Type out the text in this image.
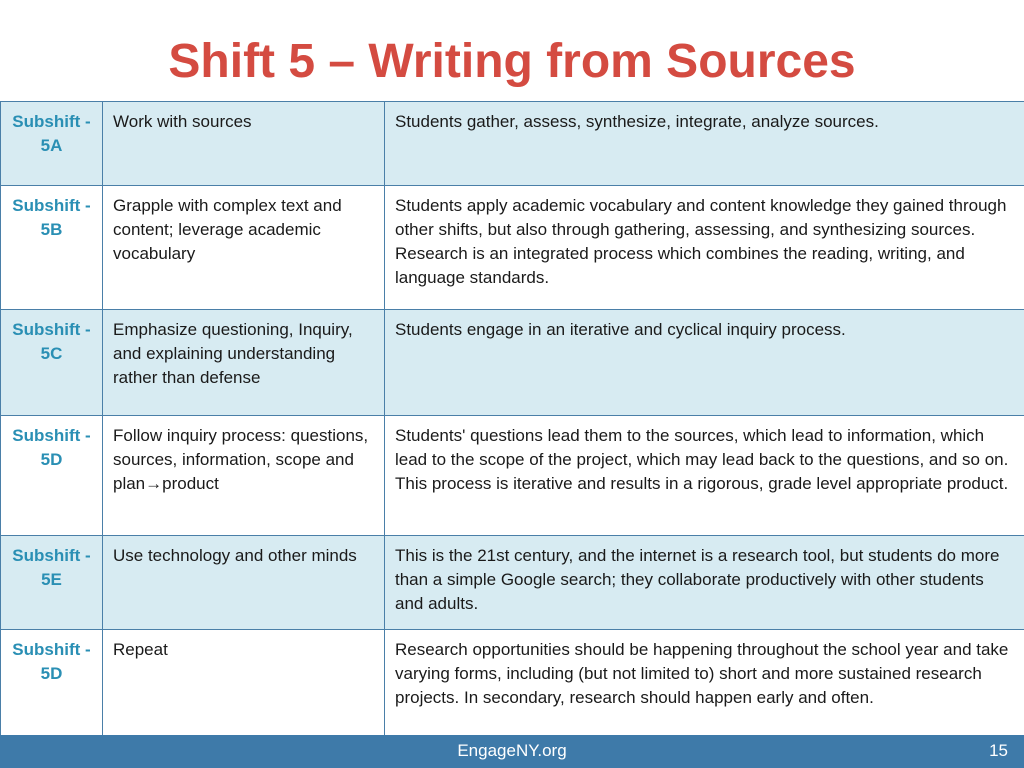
Shift 5 – Writing from Sources
Subshift - 5A	Work with sources	Students gather, assess, synthesize, integrate, analyze sources.
Subshift - 5B	Grapple with complex text and content; leverage academic vocabulary	Students apply academic vocabulary and content knowledge they gained through other shifts, but also through gathering, assessing, and synthesizing sources. Research is an integrated process which combines the reading, writing, and language standards.
Subshift - 5C	Emphasize questioning, Inquiry, and explaining understanding rather than defense	Students engage in an iterative and cyclical inquiry process.
Subshift - 5D	Follow inquiry process: questions, sources, information, scope and plan→product	Students' questions lead them to the sources, which lead to information, which lead to the scope of the project, which may lead back to the questions, and so on. This process is iterative and results in a rigorous, grade level appropriate product.
Subshift - 5E	Use technology and other minds	This is the 21st century, and the internet is a research tool, but students do more than a simple Google search; they collaborate productively with other students and adults.
Subshift - 5D	Repeat	Research opportunities should be happening throughout the school year and take varying forms, including (but not limited to) short and more sustained research projects. In secondary, research should happen early and often.
EngageNY.org	15
